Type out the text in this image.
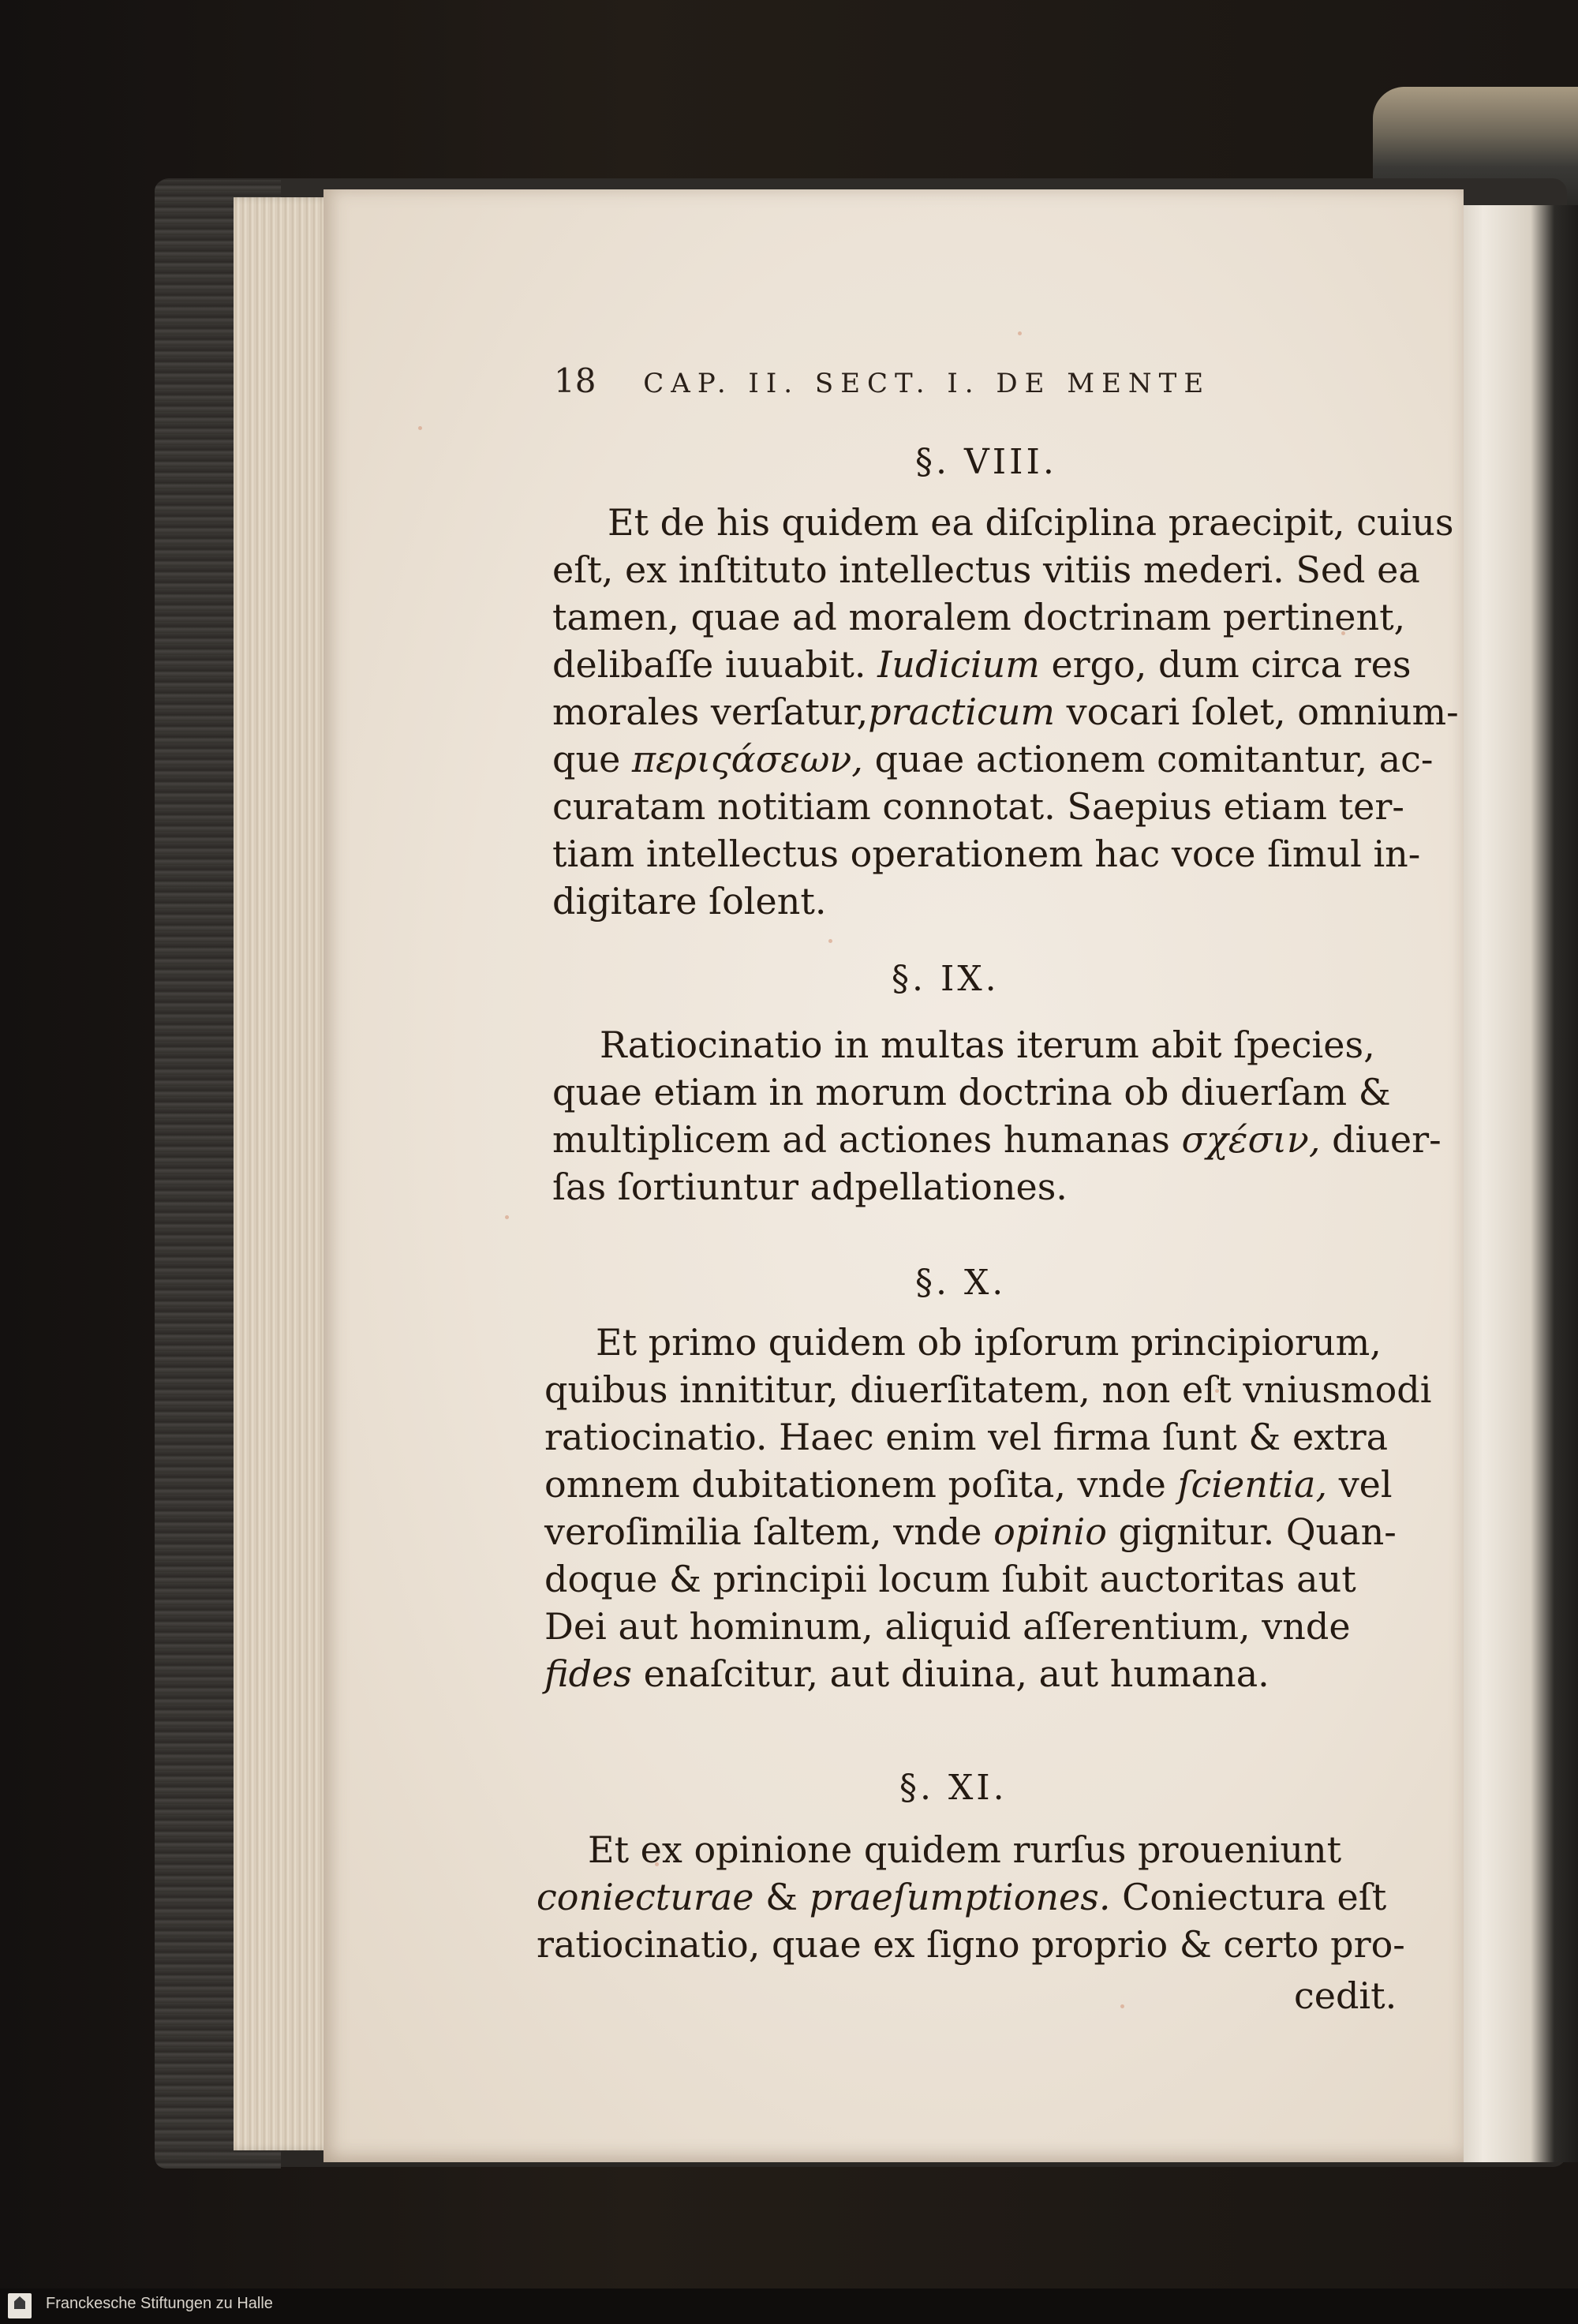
18 CAP. II. SECT. I. DE MENTE
§. VIII.
Et de his quidem ea diſciplina praecipit, cuius
eſt, ex inſtituto intellectus vitiis mederi. Sed ea
tamen, quae ad moralem doctrinam pertinent,
delibaſſe iuuabit. Iudicium ergo, dum circa res
morales verſatur,practicum vocari ſolet, omnium-
que περιςάσεων, quae actionem comitantur, ac-
curatam notitiam connotat. Saepius etiam ter-
tiam intellectus operationem hac voce ſimul in-
digitare ſolent.
§. IX.
Ratiocinatio in multas iterum abit ſpecies,
quae etiam in morum doctrina ob diuerſam &
multiplicem ad actiones humanas σχέσιν, diuer-
ſas ſortiuntur adpellationes.
§. X.
Et primo quidem ob ipſorum principiorum,
quibus innititur, diuerſitatem, non eſt vniusmodi
ratiocinatio. Haec enim vel firma ſunt & extra
omnem dubitationem poſita, vnde ſcientia, vel
veroſimilia ſaltem, vnde opinio gignitur. Quan-
doque & principii locum ſubit auctoritas aut
Dei aut hominum, aliquid aſſerentium, vnde
fides enaſcitur, aut diuina, aut humana.
§. XI.
Et ex opinione quidem rurſus proueniunt
coniecturae & praeſumptiones. Coniectura eſt
ratiocinatio, quae ex ſigno proprio & certo pro-
cedit.
Franckesche Stiftungen zu Halle
